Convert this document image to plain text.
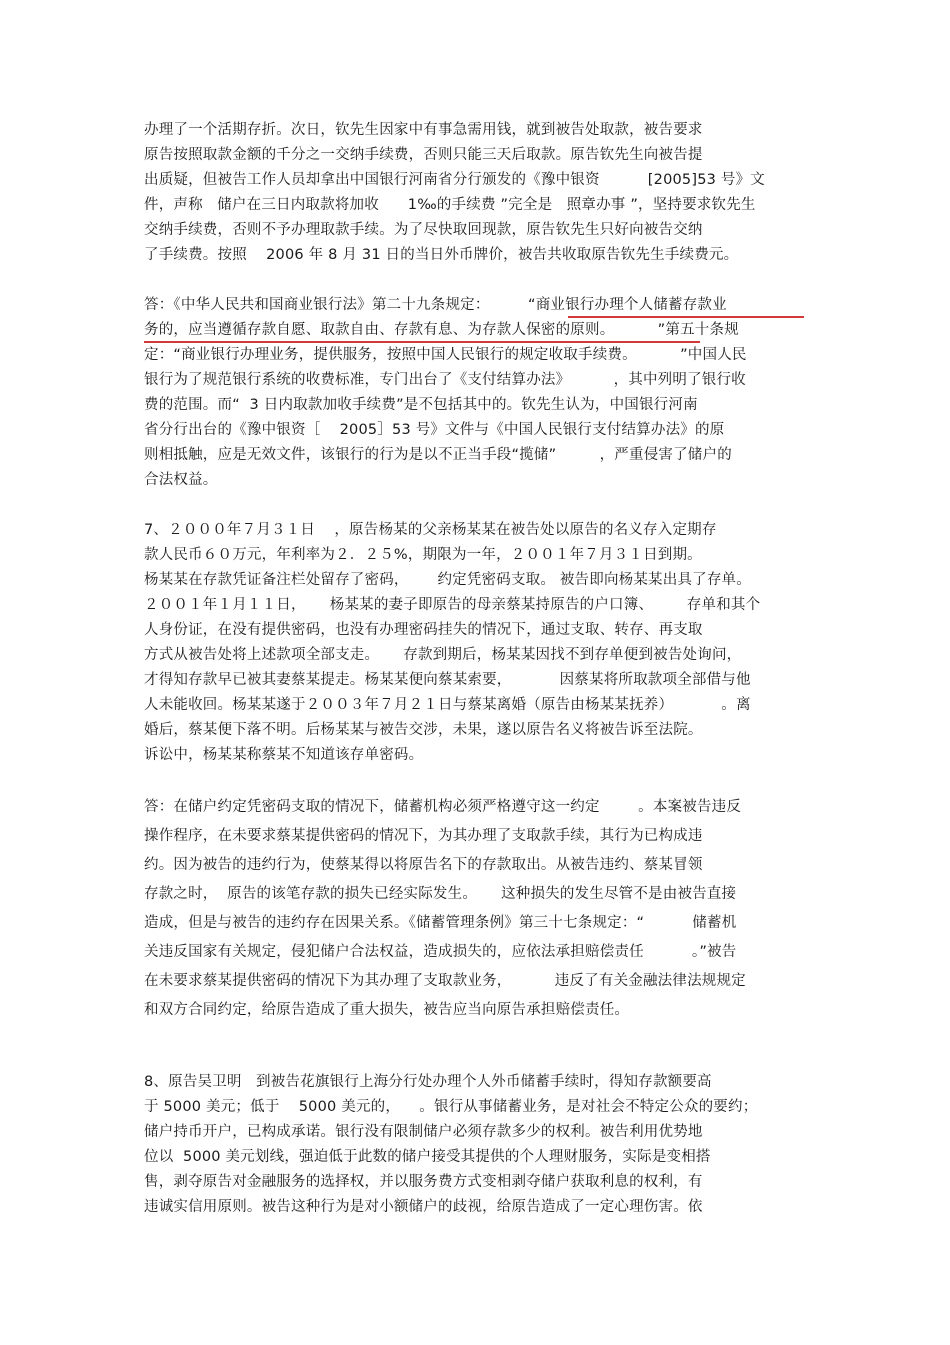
办理了一个活期存折。次日，钦先生因家中有事急需用钱，就到被告处取款，被告要求
原告按照取款金额的千分之一交纳手续费，否则只能三天后取款。原告钦先生向被告提
出质疑，但被告工作人员却拿出中国银行河南省分行颁发的《豫中银资          [2005]53 号》文
件，声称   储户在三日内取款将加收      1‰的手续费 ”完全是   照章办事 ”，坚持要求钦先生
交纳手续费，否则不予办理取款手续。为了尽快取回现款，原告钦先生只好向被告交纳
了手续费。按照    2006 年 8 月 31 日的当日外币牌价，被告共收取原告钦先生手续费元。
答：《中华人民共和国商业银行法》第二十九条规定：        “商业银行办理个人储蓄存款业
务的，应当遵循存款自愿、取款自由、存款有息、为存款人保密的原则。         ”第五十条规
定：“商业银行办理业务，提供服务，按照中国人民银行的规定收取手续费。         ”中国人民
银行为了规范银行系统的收费标准，专门出台了《支付结算办法》         ，其中列明了银行收
费的范围。而“  3 日内取款加收手续费”是不包括其中的。钦先生认为，中国银行河南
省分行出台的《豫中银资［    2005］53 号》文件与《中国人民银行支付结算办法》的原
则相抵触，应是无效文件，该银行的行为是以不正当手段“揽储”         ，严重侵害了储户的
合法权益。
7、２０００年７月３１日    ，原告杨某的父亲杨某某在被告处以原告的名义存入定期存
款人民币６０万元，年利率为２．２５%，期限为一年，２００１年７月３１日到期。
杨某某在存款凭证备注栏处留存了密码，      约定凭密码支取。 被告即向杨某某出具了存单。
２００１年１月１１日，     杨某某的妻子即原告的母亲蔡某持原告的户口簿、       存单和其个
人身份证，在没有提供密码，也没有办理密码挂失的情况下，通过支取、转存、再支取
方式从被告处将上述款项全部支走。     存款到期后，杨某某因找不到存单便到被告处询问，
才得知存款早已被其妻蔡某提走。杨某某便向蔡某索要，          因蔡某将所取款项全部借与他
人未能收回。杨某某遂于２００３年７月２１日与蔡某离婚（原告由杨某某抚养）          。离
婚后，蔡某便下落不明。后杨某某与被告交涉，未果，遂以原告名义将被告诉至法院。
诉讼中，杨某某称蔡某不知道该存单密码。
答：在储户约定凭密码支取的情况下，储蓄机构必须严格遵守这一约定        。本案被告违反
操作程序，在未要求蔡某提供密码的情况下，为其办理了支取款手续，其行为已构成违
约。因为被告的违约行为，使蔡某得以将原告名下的存款取出。从被告违约、蔡某冒领
存款之时，  原告的该笔存款的损失已经实际发生。     这种损失的发生尽管不是由被告直接
造成，但是与被告的违约存在因果关系。《储蓄管理条例》第三十七条规定：“          储蓄机
关违反国家有关规定，侵犯储户合法权益，造成损失的，应依法承担赔偿责任          。”被告
在未要求蔡某提供密码的情况下为其办理了支取款业务，         违反了有关金融法律法规规定
和双方合同约定，给原告造成了重大损失，被告应当向原告承担赔偿责任。
8、原告吴卫明   到被告花旗银行上海分行处办理个人外币储蓄手续时，得知存款额要高
于 5000 美元；低于    5000 美元的，    。银行从事储蓄业务，是对社会不特定公众的要约；
储户持币开户，已构成承诺。银行没有限制储户必须存款多少的权利。被告利用优势地
位以  5000 美元划线，强迫低于此数的储户接受其提供的个人理财服务，实际是变相搭
售，剥夺原告对金融服务的选择权，并以服务费方式变相剥夺储户获取利息的权利，有
违诚实信用原则。被告这种行为是对小额储户的歧视，给原告造成了一定心理伤害。依
